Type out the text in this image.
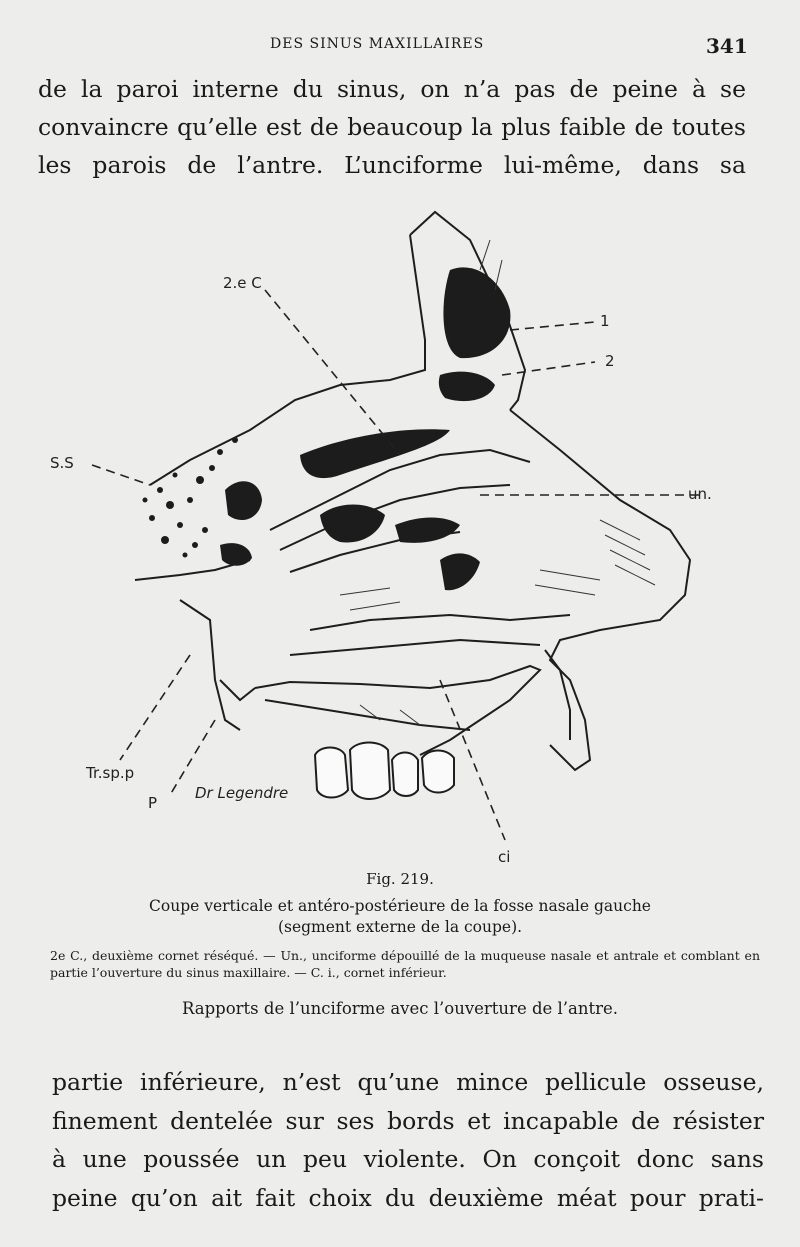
DES SINUS MAXILLAIRES	341
de la paroi interne du sinus, on n’a pas de peine à se
convaincre qu’elle est de beaucoup la plus faible de toutes
les parois de l’antre. L’unciforme lui-même, dans sa
2.e C
1
2
S.S
un.
Tr.sp.p
P
Dr Legendre
ci
Fig. 219.
Coupe verticale et antéro-postérieure de la fosse nasale gauche
(segment externe de la coupe).
2e C., deuxième cornet réséqué. — Un., unciforme dépouillé de la muqueuse nasale et antrale et comblant en partie l’ouverture du sinus maxillaire. — C. i., cornet inférieur.
Rapports de l’unciforme avec l’ouverture de l’antre.
partie inférieure, n’est qu’une mince pellicule osseuse,
finement dentelée sur ses bords et incapable de résister
à une poussée un peu violente. On conçoit donc sans
peine qu’on ait fait choix du deuxième méat pour prati-
